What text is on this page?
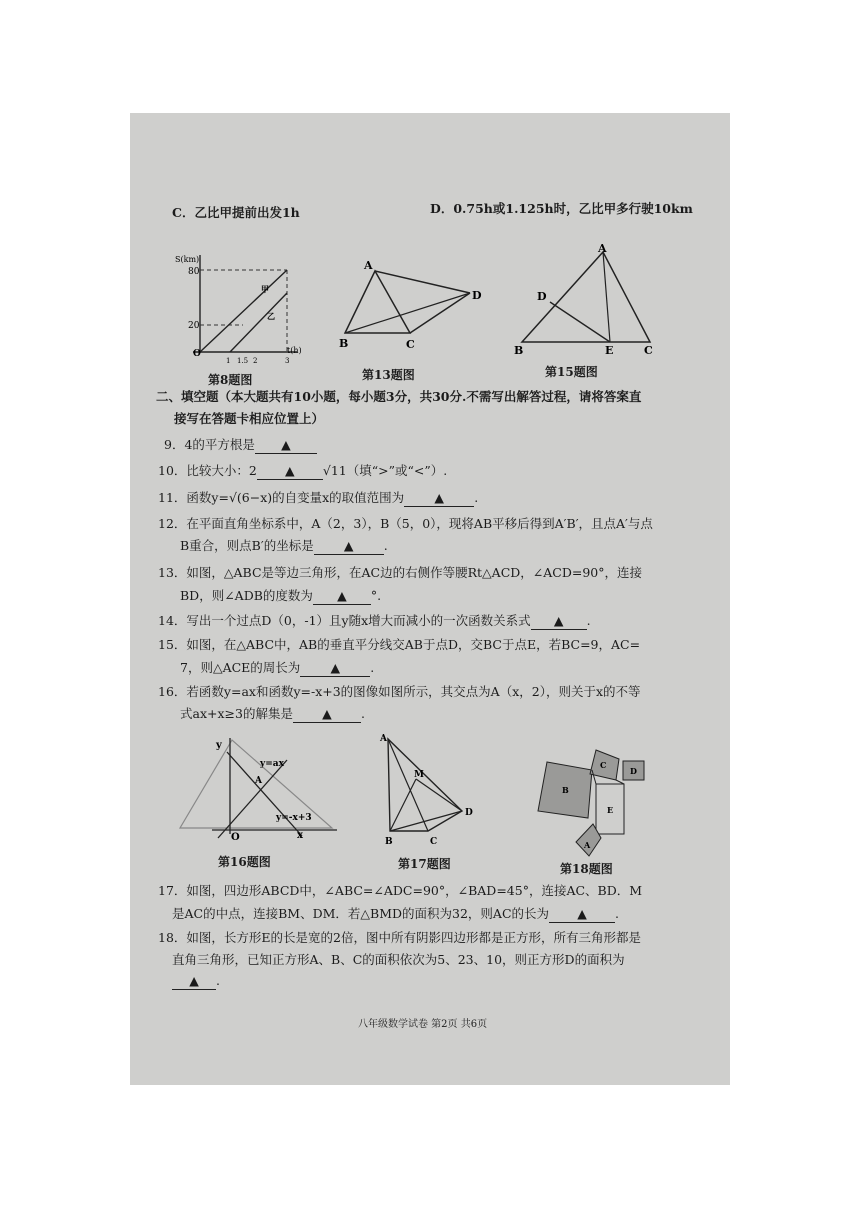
C．乙比甲提前出发1h	D．0.75h或1.125h时，乙比甲多行驶10km
S(km)
t(h)
O
80
20
1 1.5 2	3
甲
乙
第8题图
A
B	C
D
第13题图
A
D
B	E	C
第15题图
二、填空题（本大题共有10小题，每小题3分，共30分.不需写出解答过程，请将答案直
接写在答题卡相应位置上）
9．4的平方根是 ▲
10．比较大小：2 ▲ √11（填“>”或“<”）.
11．函数y=√(6−x)的自变量x的取值范围为 ▲ .
12．在平面直角坐标系中，A（2，3），B（5，0），现将AB平移后得到A′B′，且点A′与点
B重合，则点B′的坐标是 ▲ .
13．如图，△ABC是等边三角形，在AC边的右侧作等腰Rt△ACD，∠ACD=90°，连接
BD，则∠ADB的度数为 ▲ °.
14．写出一个过点D（0，-1）且y随x增大而减小的一次函数关系式 ▲ .
15．如图，在△ABC中，AB的垂直平分线交AB于点D，交BC于点E，若BC=9，AC=
7，则△ACE的周长为 ▲ .
16．若函数y=ax和函数y=-x+3的图像如图所示，其交点为A（x，2），则关于x的不等
式ax+x≥3的解集是 ▲ .
y
x
O
A
y=ax
y=-x+3
第16题图
A
M
B	C
D
第17题图
B
C
D
E
A
第18题图
17．如图，四边形ABCD中，∠ABC=∠ADC=90°，∠BAD=45°，连接AC、BD．M
是AC的中点，连接BM、DM．若△BMD的面积为32，则AC的长为 ▲ .
18．如图，长方形E的长是宽的2倍，图中所有阴影四边形都是正方形，所有三角形都是
直角三角形，已知正方形A、B、C的面积依次为5、23、10，则正方形D的面积为
▲ .
八年级数学试卷 第2页 共6页
